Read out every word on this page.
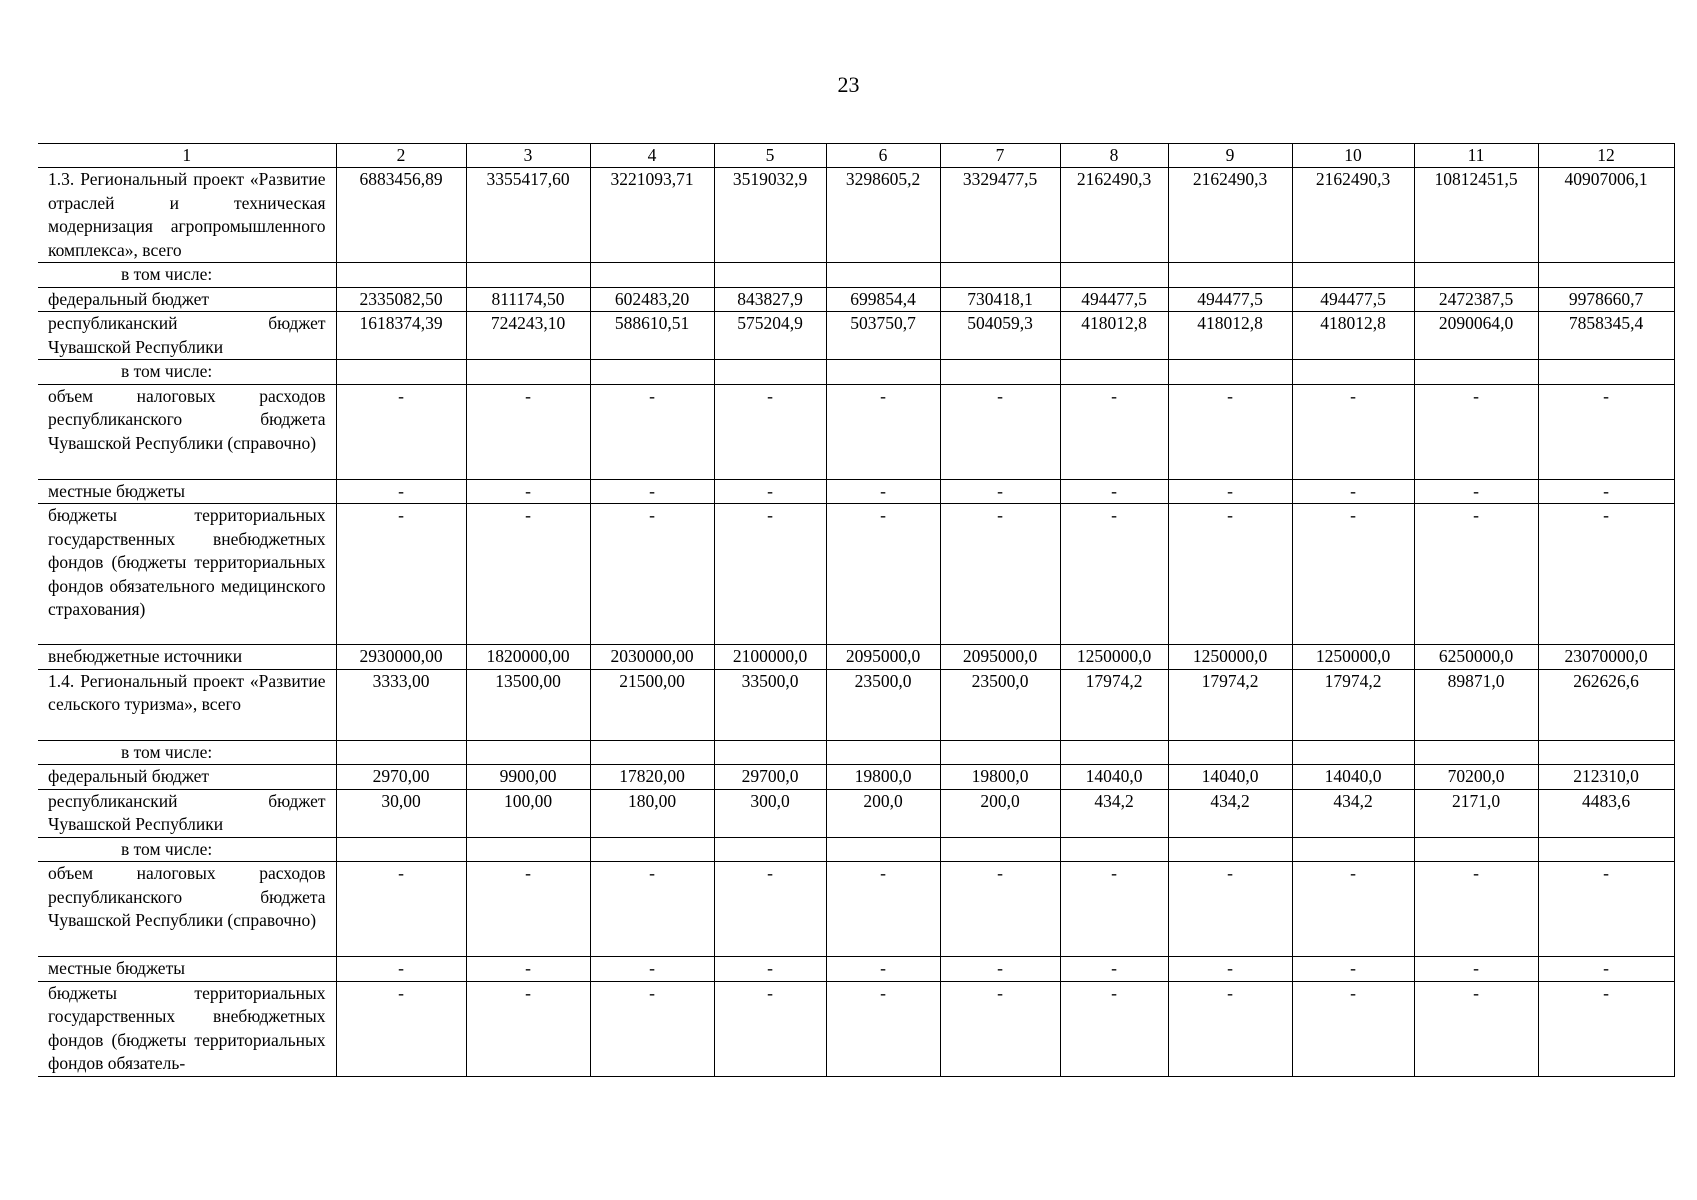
23
1	2	3	4	5	6	7	8	9	10	11	12
1.3. Региональный проект «Развитие отраслей и техническая модернизация агропромышленного комплекса», всего	6883456,89	3355417,60	3221093,71	3519032,9	3298605,2	3329477,5	2162490,3	2162490,3	2162490,3	10812451,5	40907006,1
в том числе:											
федеральный бюджет	2335082,50	811174,50	602483,20	843827,9	699854,4	730418,1	494477,5	494477,5	494477,5	2472387,5	9978660,7
республиканский бюджет Чувашской Республики	1618374,39	724243,10	588610,51	575204,9	503750,7	504059,3	418012,8	418012,8	418012,8	2090064,0	7858345,4
в том числе:											
объем налоговых расходов республиканского бюджета Чувашской Республики (справочно)	-	-	-	-	-	-	-	-	-	-	-
местные бюджеты	-	-	-	-	-	-	-	-	-	-	-
бюджеты территориальных государственных внебюджетных фондов (бюджеты территориальных фондов обязательного медицинского страхования)	-	-	-	-	-	-	-	-	-	-	-
внебюджетные источники	2930000,00	1820000,00	2030000,00	2100000,0	2095000,0	2095000,0	1250000,0	1250000,0	1250000,0	6250000,0	23070000,0
1.4. Региональный проект «Развитие сельского туризма», всего	3333,00	13500,00	21500,00	33500,0	23500,0	23500,0	17974,2	17974,2	17974,2	89871,0	262626,6
в том числе:											
федеральный бюджет	2970,00	9900,00	17820,00	29700,0	19800,0	19800,0	14040,0	14040,0	14040,0	70200,0	212310,0
республиканский бюджет Чувашской Республики	30,00	100,00	180,00	300,0	200,0	200,0	434,2	434,2	434,2	2171,0	4483,6
в том числе:											
объем налоговых расходов республиканского бюджета Чувашской Республики (справочно)	-	-	-	-	-	-	-	-	-	-	-
местные бюджеты	-	-	-	-	-	-	-	-	-	-	-
бюджеты территориальных государственных внебюджетных фондов (бюджеты территориальных фондов обязатель-	-	-	-	-	-	-	-	-	-	-	-
